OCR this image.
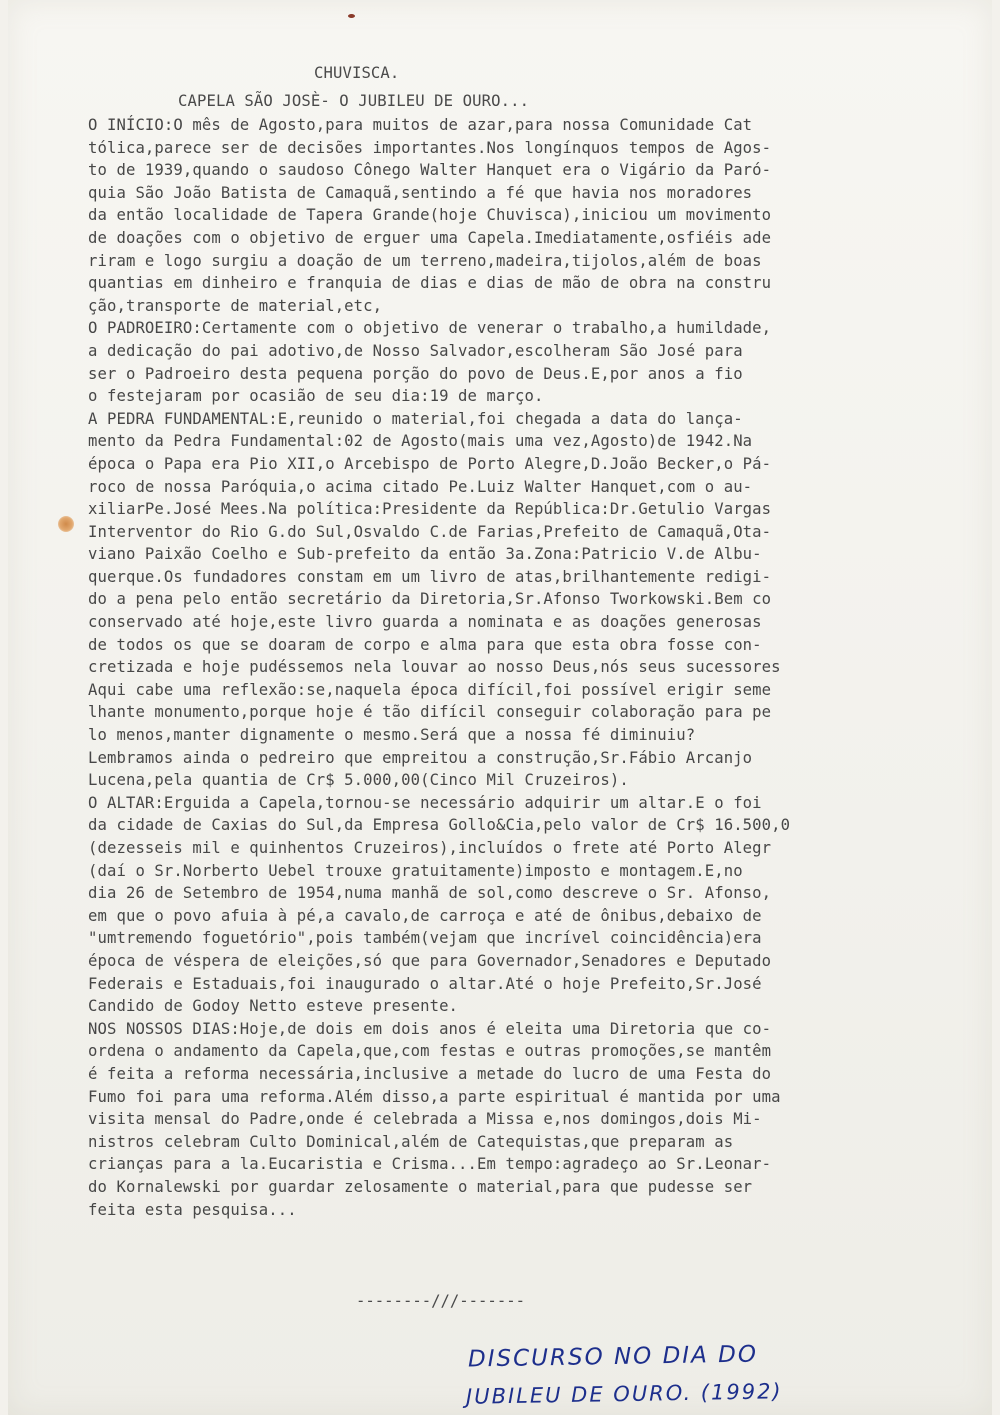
CHUVISCA.
CAPELA SÃO JOSÈ- O JUBILEU DE OURO...
O INÍCIO:O mês de Agosto,para muitos de azar,para nossa Comunidade Cat
tólica,parece ser de decisões importantes.Nos longínquos tempos de Agos-
to de 1939,quando o saudoso Cônego Walter Hanquet era o Vigário da Paró-
quia São João Batista de Camaquã,sentindo a fé que havia nos moradores
da então localidade de Tapera Grande(hoje Chuvisca),iniciou um movimento
de doações com o objetivo de erguer uma Capela.Imediatamente,osfiéis ade
riram e logo surgiu a doação de um terreno,madeira,tijolos,além de boas
quantias em dinheiro e franquia de dias e dias de mão de obra na constru
ção,transporte de material,etc,
O PADROEIRO:Certamente com o objetivo de venerar o trabalho,a humildade,
a dedicação do pai adotivo,de Nosso Salvador,escolheram São José para
ser o Padroeiro desta pequena porção do povo de Deus.E,por anos a fio
o festejaram por ocasião de seu dia:19 de março.
A PEDRA FUNDAMENTAL:E,reunido o material,foi chegada a data do lança-
mento da Pedra Fundamental:02 de Agosto(mais uma vez,Agosto)de 1942.Na
época o Papa era Pio XII,o Arcebispo de Porto Alegre,D.João Becker,o Pá-
roco de nossa Paróquia,o acima citado Pe.Luiz Walter Hanquet,com o au-
xiliarPe.José Mees.Na política:Presidente da República:Dr.Getulio Vargas
Interventor do Rio G.do Sul,Osvaldo C.de Farias,Prefeito de Camaquã,Ota-
viano Paixão Coelho e Sub-prefeito da então 3a.Zona:Patricio V.de Albu-
querque.Os fundadores constam em um livro de atas,brilhantemente redigi-
do a pena pelo então secretário da Diretoria,Sr.Afonso Tworkowski.Bem co
conservado até hoje,este livro guarda a nominata e as doações generosas
de todos os que se doaram de corpo e alma para que esta obra fosse con-
cretizada e hoje pudéssemos nela louvar ao nosso Deus,nós seus sucessores
Aqui cabe uma reflexão:se,naquela época difícil,foi possível erigir seme
lhante monumento,porque hoje é tão difícil conseguir colaboração para pe
lo menos,manter dignamente o mesmo.Será que a nossa fé diminuiu?
Lembramos ainda o pedreiro que empreitou a construção,Sr.Fábio Arcanjo
Lucena,pela quantia de Cr$ 5.000,00(Cinco Mil Cruzeiros).
O ALTAR:Erguida a Capela,tornou-se necessário adquirir um altar.E o foi
da cidade de Caxias do Sul,da Empresa Gollo&Cia,pelo valor de Cr$ 16.500,0
(dezesseis mil e quinhentos Cruzeiros),incluídos o frete até Porto Alegr
(daí o Sr.Norberto Uebel trouxe gratuitamente)imposto e montagem.E,no
dia 26 de Setembro de 1954,numa manhã de sol,como descreve o Sr. Afonso,
em que o povo afuia à pé,a cavalo,de carroça e até de ônibus,debaixo de
"umtremendo foguetório",pois também(vejam que incrível coincidência)era
época de véspera de eleições,só que para Governador,Senadores e Deputado
Federais e Estaduais,foi inaugurado o altar.Até o hoje Prefeito,Sr.José
Candido de Godoy Netto esteve presente.
NOS NOSSOS DIAS:Hoje,de dois em dois anos é eleita uma Diretoria que co-
ordena o andamento da Capela,que,com festas e outras promoções,se mantêm
é feita a reforma necessária,inclusive a metade do lucro de uma Festa do
Fumo foi para uma reforma.Além disso,a parte espiritual é mantida por uma
visita mensal do Padre,onde é celebrada a Missa e,nos domingos,dois Mi-
nistros celebram Culto Dominical,além de Catequistas,que preparam as
crianças para a la.Eucaristia e Crisma...Em tempo:agradeço ao Sr.Leonar-
do Kornalewski por guardar zelosamente o material,para que pudesse ser
feita esta pesquisa...
--------///-------
DISCURSO NO DIA DO
JUBILEU DE OURO. (1992)
